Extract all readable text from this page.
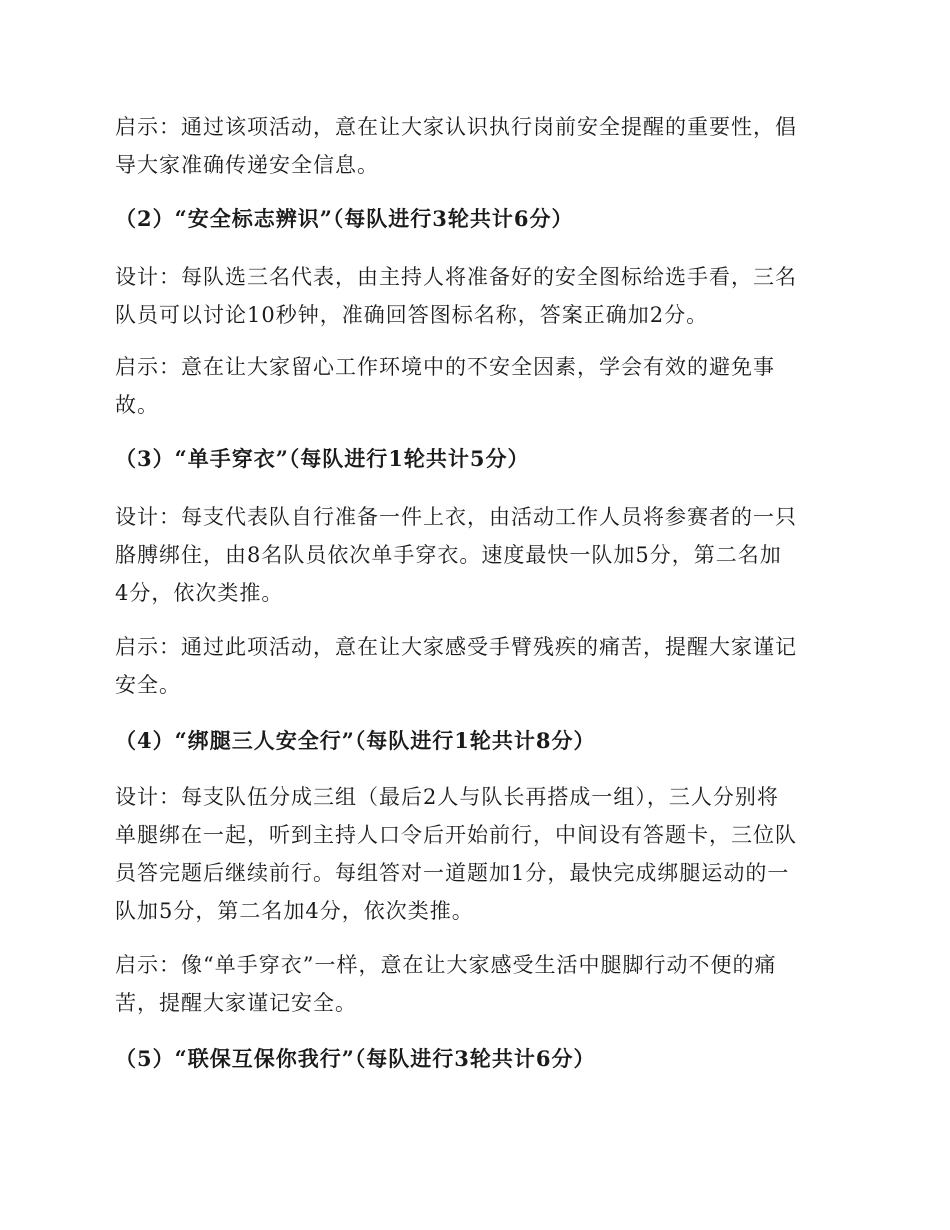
启示：通过该项活动，意在让大家认识执行岗前安全提醒的重要性，倡
导大家准确传递安全信息。

（2）“安全标志辨识”（每队进行3轮共计6分）

设计：每队选三名代表，由主持人将准备好的安全图标给选手看，三名
队员可以讨论10秒钟，准确回答图标名称，答案正确加2分。

启示：意在让大家留心工作环境中的不安全因素，学会有效的避免事
故。

（3）“单手穿衣”（每队进行1轮共计5分）

设计：每支代表队自行准备一件上衣，由活动工作人员将参赛者的一只
胳膊绑住，由8名队员依次单手穿衣。速度最快一队加5分，第二名加
4分，依次类推。

启示：通过此项活动，意在让大家感受手臂残疾的痛苦，提醒大家谨记
安全。

（4）“绑腿三人安全行”（每队进行1轮共计8分）

设计：每支队伍分成三组（最后2人与队长再搭成一组），三人分别将
单腿绑在一起，听到主持人口令后开始前行，中间设有答题卡，三位队
员答完题后继续前行。每组答对一道题加1分，最快完成绑腿运动的一
队加5分，第二名加4分，依次类推。

启示：像“单手穿衣”一样，意在让大家感受生活中腿脚行动不便的痛
苦，提醒大家谨记安全。

（5）“联保互保你我行”（每队进行3轮共计6分）
